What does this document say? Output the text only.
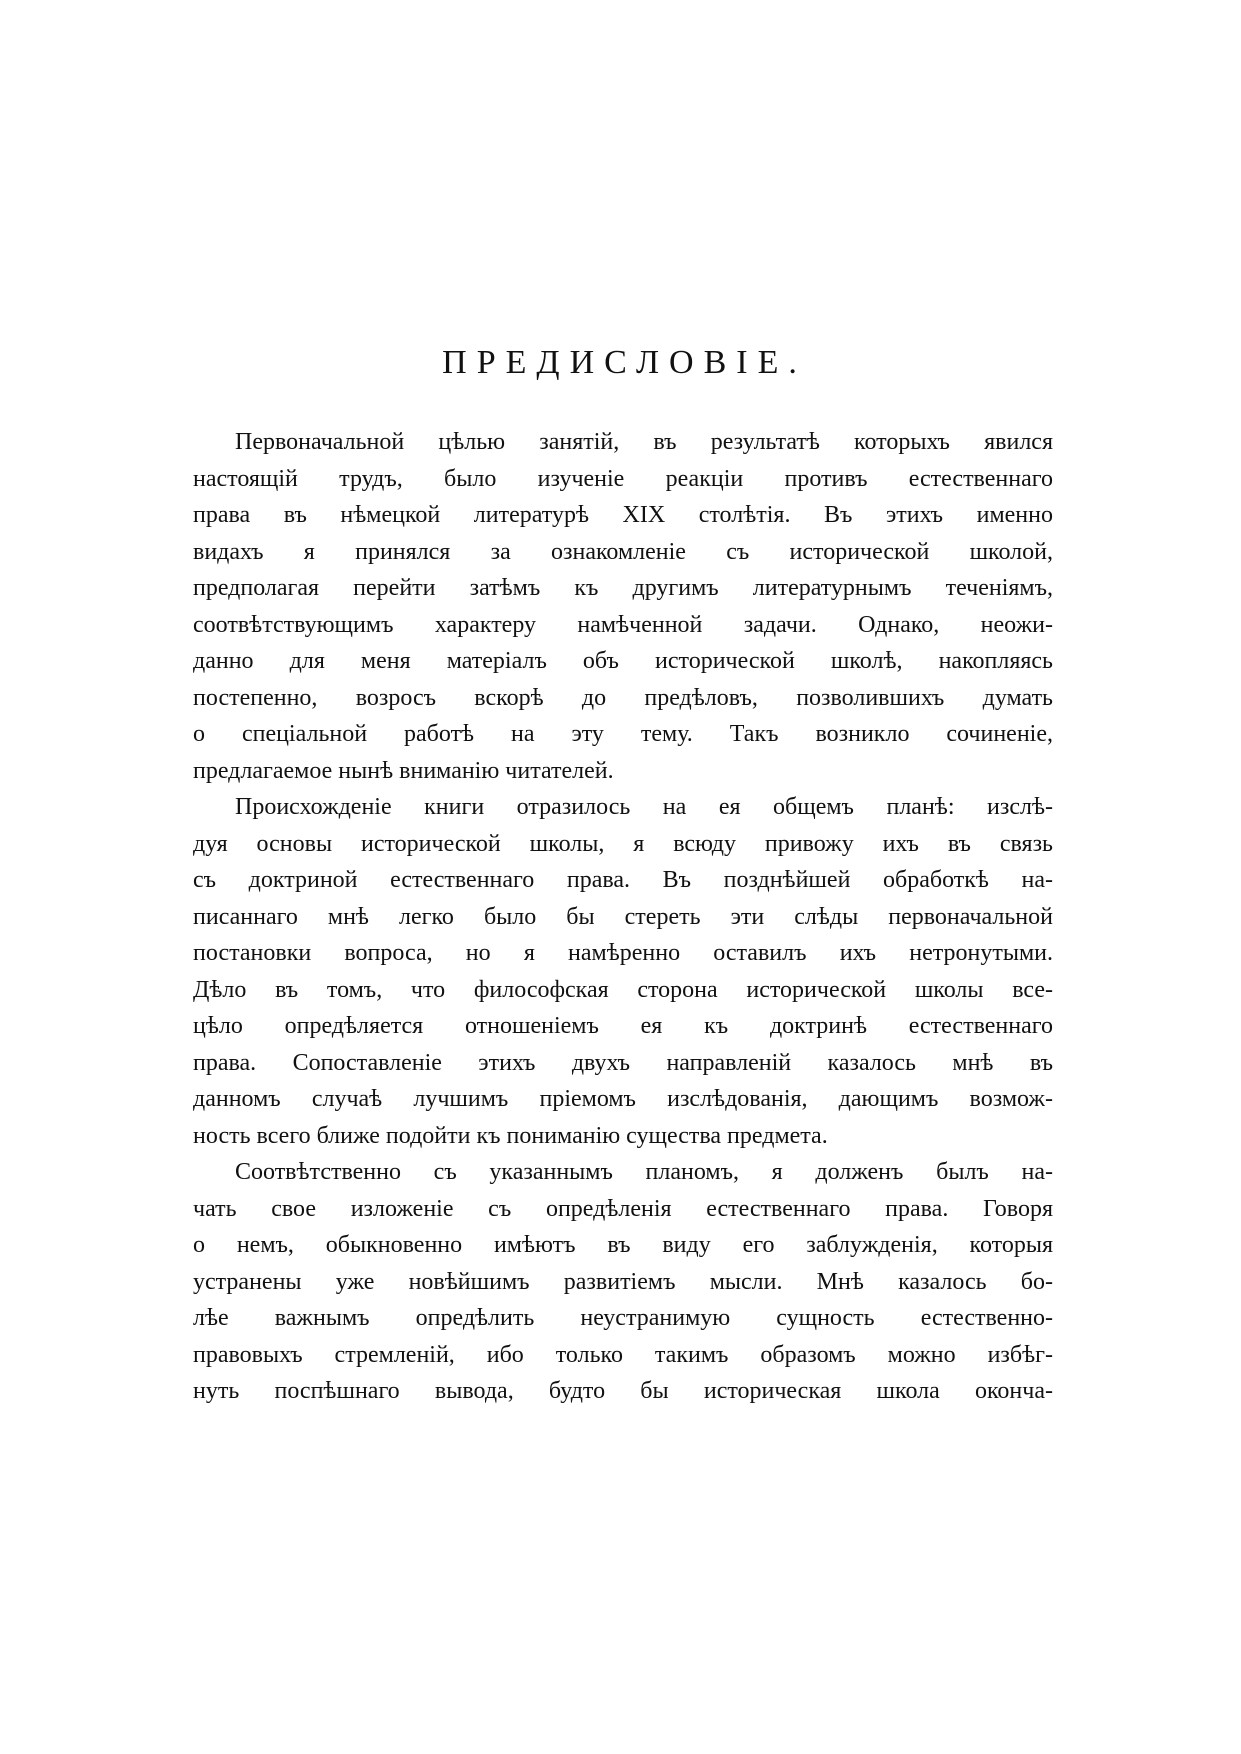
ПРЕДИСЛОВІЕ.
Первоначальной цѣлью занятій, въ результатѣ которыхъ явился
настоящій трудъ, было изученіе реакціи противъ естественнаго
права въ нѣмецкой литературѣ XIX столѣтія. Въ этихъ именно
видахъ я принялся за ознакомленіе съ исторической школой,
предполагая перейти затѣмъ къ другимъ литературнымъ теченіямъ,
соотвѣтствующимъ характеру намѣченной задачи. Однако, неожи-
данно для меня матеріалъ объ исторической школѣ, накопляясь
постепенно, возросъ вскорѣ до предѣловъ, позволившихъ думать
о спеціальной работѣ на эту тему. Такъ возникло сочиненіе,
предлагаемое нынѣ вниманію читателей.
Происхожденіе книги отразилось на ея общемъ планѣ: изслѣ-
дуя основы исторической школы, я всюду привожу ихъ въ связь
съ доктриной естественнаго права. Въ позднѣйшей обработкѣ на-
писаннаго мнѣ легко было бы стереть эти слѣды первоначальной
постановки вопроса, но я намѣренно оставилъ ихъ нетронутыми.
Дѣло въ томъ, что философская сторона исторической школы все-
цѣло опредѣляется отношеніемъ ея къ доктринѣ естественнаго
права. Сопоставленіе этихъ двухъ направленій казалось мнѣ въ
данномъ случаѣ лучшимъ пріемомъ изслѣдованія, дающимъ возмож-
ность всего ближе подойти къ пониманію существа предмета.
Соотвѣтственно съ указаннымъ планомъ, я долженъ былъ на-
чать свое изложеніе съ опредѣленія естественнаго права. Говоря
о немъ, обыкновенно имѣютъ въ виду его заблужденія, которыя
устранены уже новѣйшимъ развитіемъ мысли. Мнѣ казалось бо-
лѣе важнымъ опредѣлить неустранимую сущность естественно-
правовыхъ стремленій, ибо только такимъ образомъ можно избѣг-
нуть поспѣшнаго вывода, будто бы историческая школа оконча-
